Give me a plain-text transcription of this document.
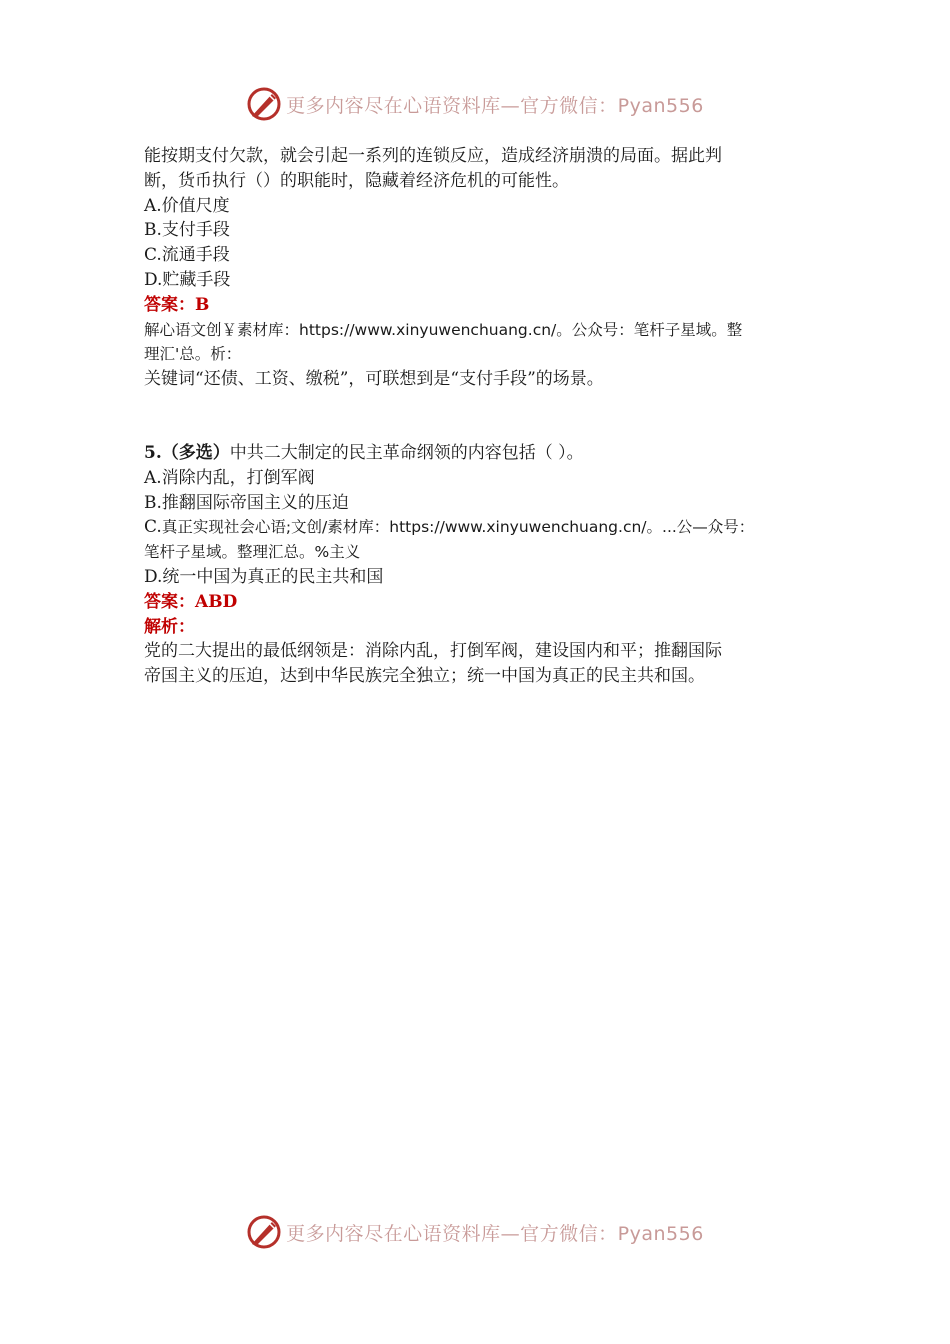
更多内容尽在心语资料库—官方微信：Pyan556
能按期支付欠款，就会引起一系列的连锁反应，造成经济崩溃的局面。据此判
断，货币执行（）的职能时，隐藏着经济危机的可能性。
A.价值尺度
B.支付手段
C.流通手段
D.贮藏手段
答案：B
解心语文创￥素材库：https://www.xinyuwenchuang.cn/。公众号：笔杆子星域。整
理汇'总。析：
关键词“还债、工资、缴税”，可联想到是“支付手段”的场景。
5.（多选）中共二大制定的民主革命纲领的内容包括（ ）。
A.消除内乱，打倒军阀
B.推翻国际帝国主义的压迫
C.真正实现社会心语;文创/素材库：https://www.xinyuwenchuang.cn/。...公—众号：
笔杆子星域。整理汇总。%主义
D.统一中国为真正的民主共和国
答案：ABD
解析：
党的二大提出的最低纲领是：消除内乱，打倒军阀，建设国内和平；推翻国际
帝国主义的压迫，达到中华民族完全独立；统一中国为真正的民主共和国。
更多内容尽在心语资料库—官方微信：Pyan556
